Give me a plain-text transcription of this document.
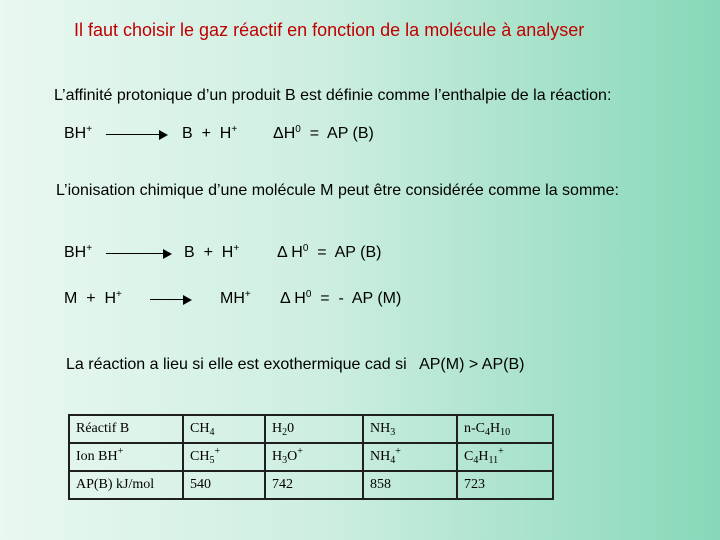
Il faut choisir le gaz réactif en fonction de la molécule à analyser
L’affinité protonique d’un produit B est définie comme l’enthalpie de la réaction:
BH+	B  +  H+ $\Delta H^0$  =  AP (B)
L’ionisation chimique d’une molécule M peut être considérée comme la somme:
BH+	B  +  H+ Δ $H^0$  =  AP (B)
M  +  H+	MH+ Δ $H^0$  =  -  AP (M)
La réaction a lieu si elle est exothermique cad si   AP(M) > AP(B)
Réactif B	$CH_4$	$H_20$	$NH_3$	$n-C_4H_{10}$
Ion BH+	$CH_5^+$	$H_3O^+$	$NH_4^+$	$C_4H_{11}^+$
AP(B) kJ/mol	540	742	858	723
